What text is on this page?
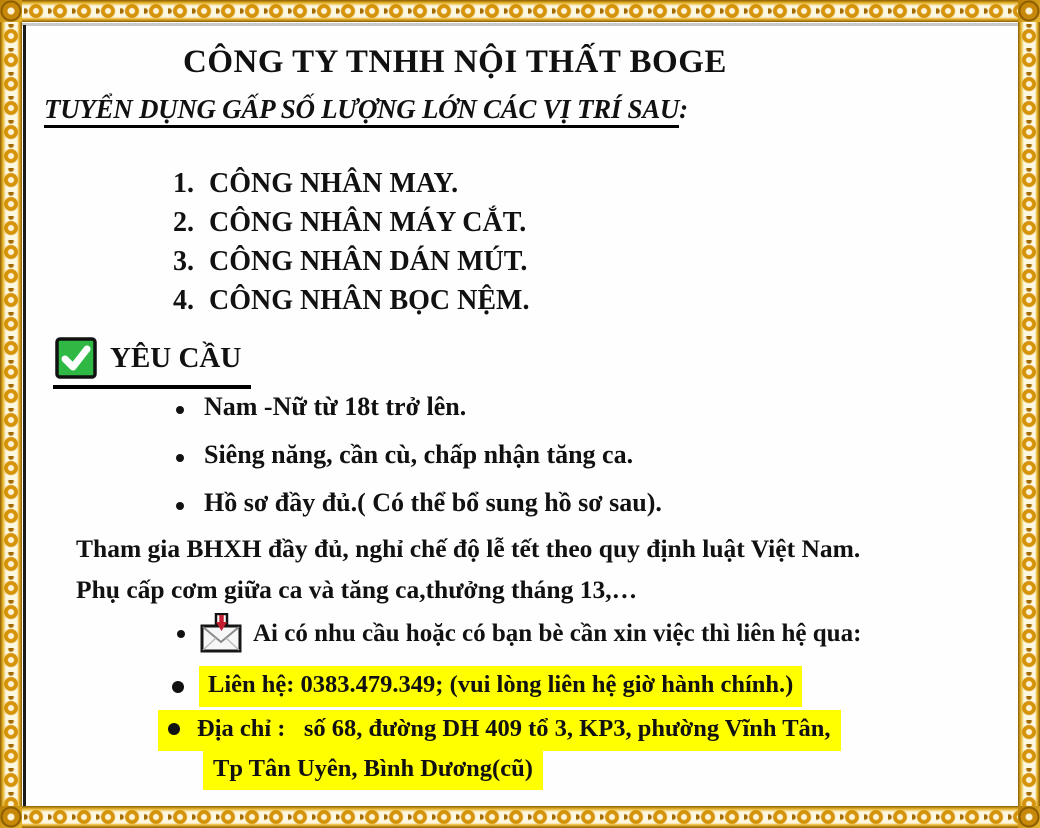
CÔNG TY TNHH NỘI THẤT BOGE
TUYỂN DỤNG GẤP SỐ LƯỢNG LỚN CÁC VỊ TRÍ SAU:
1. CÔNG NHÂN MAY.
2. CÔNG NHÂN MÁY CẮT.
3. CÔNG NHÂN DÁN MÚT.
4. CÔNG NHÂN BỌC NỆM.
YÊU CẦU
Nam -Nữ từ 18t trở lên.
Siêng năng, cần cù, chấp nhận tăng ca.
Hồ sơ đầy đủ.( Có thể bổ sung hồ sơ sau).

Tham gia BHXH đầy đủ, nghỉ chế độ lễ tết theo quy định luật Việt Nam.
Phụ cấp cơm giữa ca và tăng ca,thưởng tháng 13,…

Ai có nhu cầu hoặc có bạn bè cần xin việc thì liên hệ qua:
Liên hệ: 0383.479.349; (vui lòng liên hệ giờ hành chính.)
Địa chỉ :   số 68, đường DH 409 tổ 3, KP3, phường Vĩnh Tân,
Tp Tân Uyên, Bình Dương(cũ)
